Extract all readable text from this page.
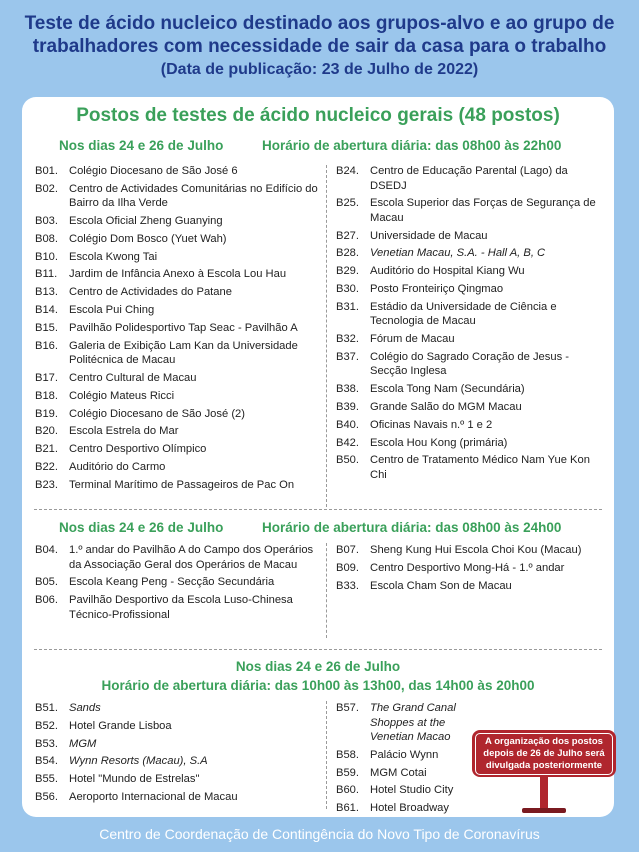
Teste de ácido nucleico destinado aos grupos-alvo e ao grupo de
trabalhadores com necessidade de sair da casa para o trabalho
(Data de publicação: 23 de Julho de 2022)
Postos de testes de ácido nucleico gerais (48 postos)
Nos dias 24 e 26 de Julho	Horário de abertura diária: das 08h00 às 22h00
B01. Colégio Diocesano de São José 6
B02. Centro de Actividades Comunitárias no Edifício do Bairro da Ilha Verde
B03. Escola Oficial Zheng Guanying
B08. Colégio Dom Bosco (Yuet Wah)
B10. Escola Kwong Tai
B11.	Jardim de Infância Anexo à Escola Lou Hau
B13. Centro de Actividades do Patane
B14. Escola Pui Ching
B15. Pavilhão Polidesportivo Tap Seac - Pavilhão A
B16. Galeria de Exibição Lam Kan da Universidade Politécnica de Macau
B17. Centro Cultural de Macau
B18. Colégio Mateus Ricci
B19. Colégio Diocesano de São José (2)
B20. Escola Estrela do Mar
B21. Centro Desportivo Olímpico
B22. Auditório do Carmo
B23. Terminal Marítimo de Passageiros de Pac On
B24. Centro de Educação Parental (Lago) da DSEDJ
B25. Escola Superior das Forças de Segurança de Macau
B27. Universidade de Macau
B28. Venetian Macau, S.A. - Hall A, B, C
B29. Auditório do Hospital Kiang Wu
B30. Posto Fronteiriço Qingmao
B31. Estádio da Universidade de Ciência e Tecnologia de Macau
B32. Fórum de Macau
B37. Colégio do Sagrado Coração de Jesus - Secção Inglesa
B38. Escola Tong Nam (Secundária)
B39. Grande Salão do MGM Macau
B40. Oficinas Navais n.º 1 e 2
B42. Escola Hou Kong (primária)
B50. Centro de Tratamento Médico Nam Yue Kon Chi
Nos dias 24 e 26 de Julho	Horário de abertura diária: das 08h00 às 24h00
B04. 1.º andar do Pavilhão A do Campo dos Operários da Associação Geral dos Operários de Macau
B05. Escola Keang Peng - Secção Secundária
B06. Pavilhão Desportivo da Escola Luso-Chinesa Técnico-Profissional
B07. Sheng Kung Hui Escola Choi Kou (Macau)
B09. Centro Desportivo Mong-Há - 1.º andar
B33. Escola Cham Son de Macau
Nos dias 24 e 26 de Julho
Horário de abertura diária: das 10h00 às 13h00, das 14h00 às 20h00
B51. Sands
B52. Hotel Grande Lisboa
B53. MGM
B54. Wynn Resorts (Macau), S.A
B55. Hotel "Mundo de Estrelas"
B56. Aeroporto Internacional de Macau
B57. The Grand Canal Shoppes at the Venetian Macao
B58. Palácio Wynn
B59. MGM Cotai
B60. Hotel Studio City
B61. Hotel Broadway
A organização dos postos depois de 26 de Julho será divulgada posteriormente
Centro de Coordenação de Contingência do Novo Tipo de Coronavírus
